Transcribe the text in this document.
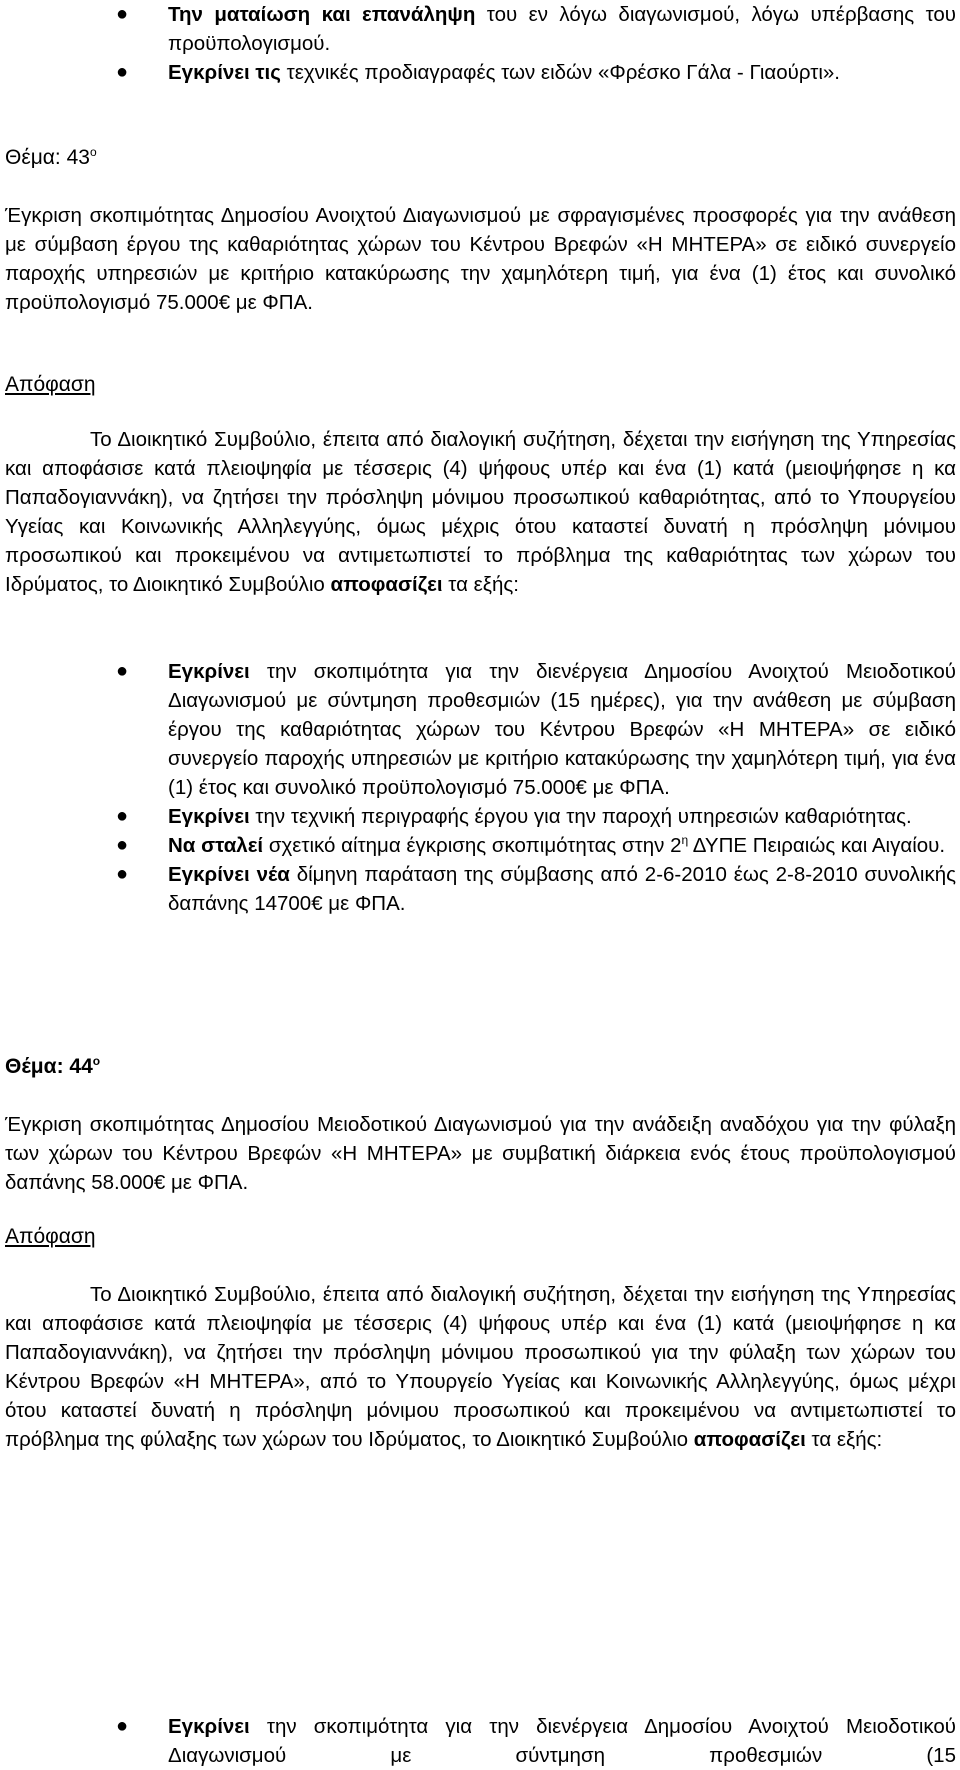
● Την ματαίωση και επανάληψη του εν λόγω διαγωνισμού, λόγω υπέρβασης του προϋπολογισμού.
● Εγκρίνει τις τεχνικές προδιαγραφές των ειδών «Φρέσκο Γάλα - Γιαούρτι».

Θέμα: $43^o$

Έγκριση σκοπιμότητας Δημοσίου Ανοιχτού Διαγωνισμού με σφραγισμένες προσφορές για την ανάθεση με σύμβαση έργου της καθαριότητας χώρων του Κέντρου Βρεφών «Η ΜΗΤΕΡΑ» σε ειδικό συνεργείο παροχής υπηρεσιών με κριτήριο κατακύρωσης την χαμηλότερη τιμή, για ένα (1) έτος και συνολικό προϋπολογισμό 75.000€ με ΦΠΑ.

Απόφαση

Το Διοικητικό Συμβούλιο, έπειτα από διαλογική συζήτηση, δέχεται την εισήγηση της Υπηρεσίας και αποφάσισε κατά πλειοψηφία με τέσσερις (4) ψήφους υπέρ και ένα (1) κατά (μειοψήφησε η κα Παπαδογιαννάκη), να ζητήσει την πρόσληψη μόνιμου προσωπικού καθαριότητας, από το Υπουργείου Υγείας και Κοινωνικής Αλληλεγγύης, όμως μέχρις ότου καταστεί δυνατή η πρόσληψη μόνιμου προσωπικού και προκειμένου να αντιμετωπιστεί το πρόβλημα της καθαριότητας των χώρων του Ιδρύματος, το Διοικητικό Συμβούλιο αποφασίζει τα εξής:

● Εγκρίνει την σκοπιμότητα για την διενέργεια Δημοσίου Ανοιχτού Μειοδοτικού Διαγωνισμού με σύντμηση προθεσμιών (15 ημέρες), για την ανάθεση με σύμβαση έργου της καθαριότητας χώρων του Κέντρου Βρεφών «Η ΜΗΤΕΡΑ» σε ειδικό συνεργείο παροχής υπηρεσιών με κριτήριο κατακύρωσης την χαμηλότερη τιμή, για ένα (1) έτος και συνολικό προϋπολογισμό 75.000€ με ΦΠΑ.
● Εγκρίνει την τεχνική περιγραφής έργου για την παροχή υπηρεσιών καθαριότητας.
● Να σταλεί σχετικό αίτημα έγκρισης σκοπιμότητας στην $2^\eta$ ΔΥΠΕ Πειραιώς και Αιγαίου.
● Εγκρίνει νέα δίμηνη παράταση της σύμβασης από 2-6-2010 έως 2-8-2010 συνολικής δαπάνης 14700€ με ΦΠΑ.

Θέμα: $44^o$

Έγκριση σκοπιμότητας Δημοσίου Μειοδοτικού Διαγωνισμού για την ανάδειξη αναδόχου για την φύλαξη των χώρων του Κέντρου Βρεφών «Η ΜΗΤΕΡΑ» με συμβατική διάρκεια ενός έτους προϋπολογισμού δαπάνης 58.000€ με ΦΠΑ.

Απόφαση

Το Διοικητικό Συμβούλιο, έπειτα από διαλογική συζήτηση, δέχεται την εισήγηση της Υπηρεσίας και αποφάσισε κατά πλειοψηφία με τέσσερις (4) ψήφους υπέρ και ένα (1) κατά (μειοψήφησε η κα Παπαδογιαννάκη), να ζητήσει την πρόσληψη μόνιμου προσωπικού για την φύλαξη των χώρων του Κέντρου Βρεφών «Η ΜΗΤΕΡΑ», από το Υπουργείο Υγείας και Κοινωνικής Αλληλεγγύης, όμως μέχρι ότου καταστεί δυνατή η πρόσληψη μόνιμου προσωπικού και προκειμένου να αντιμετωπιστεί το πρόβλημα της φύλαξης των χώρων του Ιδρύματος, το Διοικητικό Συμβούλιο αποφασίζει τα εξής:

● Εγκρίνει την σκοπιμότητα για την διενέργεια Δημοσίου Ανοιχτού Μειοδοτικού Διαγωνισμού με σύντμηση προθεσμιών (15
